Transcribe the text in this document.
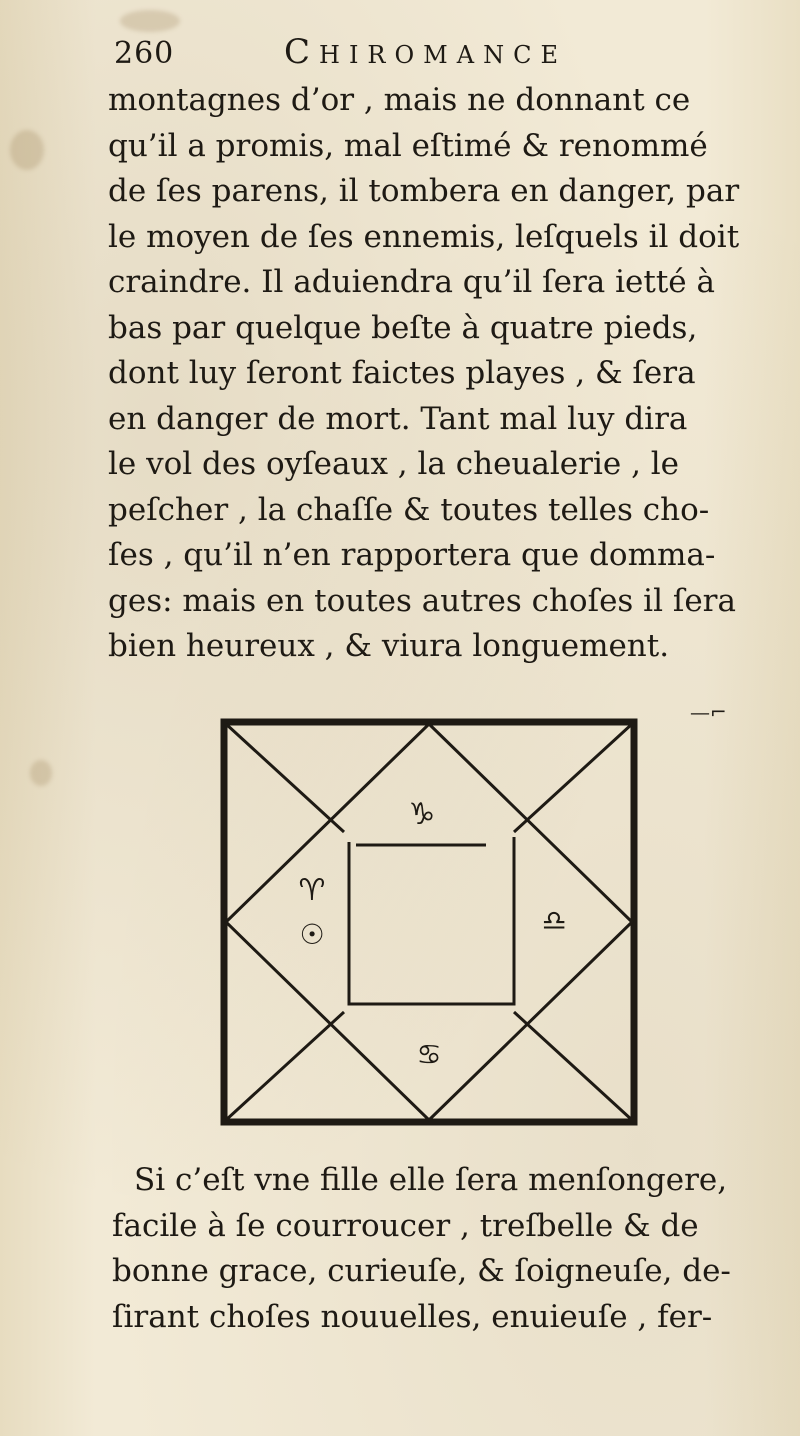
260	Chiromance
montagnes d’or , mais ne donnant ce
qu’il a promis, mal eſtimé & renommé
de ſes parens, il tombera en danger, par
le moyen de ſes ennemis, leſquels il doit
craindre. Il aduiendra qu’il ſera ietté à
bas par quelque beſte à quatre pieds,
dont luy ſeront faictes playes , & ſera
en danger de mort. Tant mal luy dira
le vol des oyſeaux , la cheualerie , le
peſcher , la chaſſe & toutes telles cho-
ſes , qu’il n’en rapportera que domma-
ges: mais en toutes autres choſes il ſera
bien heureux , & viura longuement.
—⌐
♑
♈
☉	♎
♋
Si c’eſt vne fille elle ſera menſongere,
facile à ſe courroucer , treſbelle & de
bonne grace, curieuſe, & ſoigneuſe, de-
ſirant choſes nouuelles, enuieuſe , fer-
